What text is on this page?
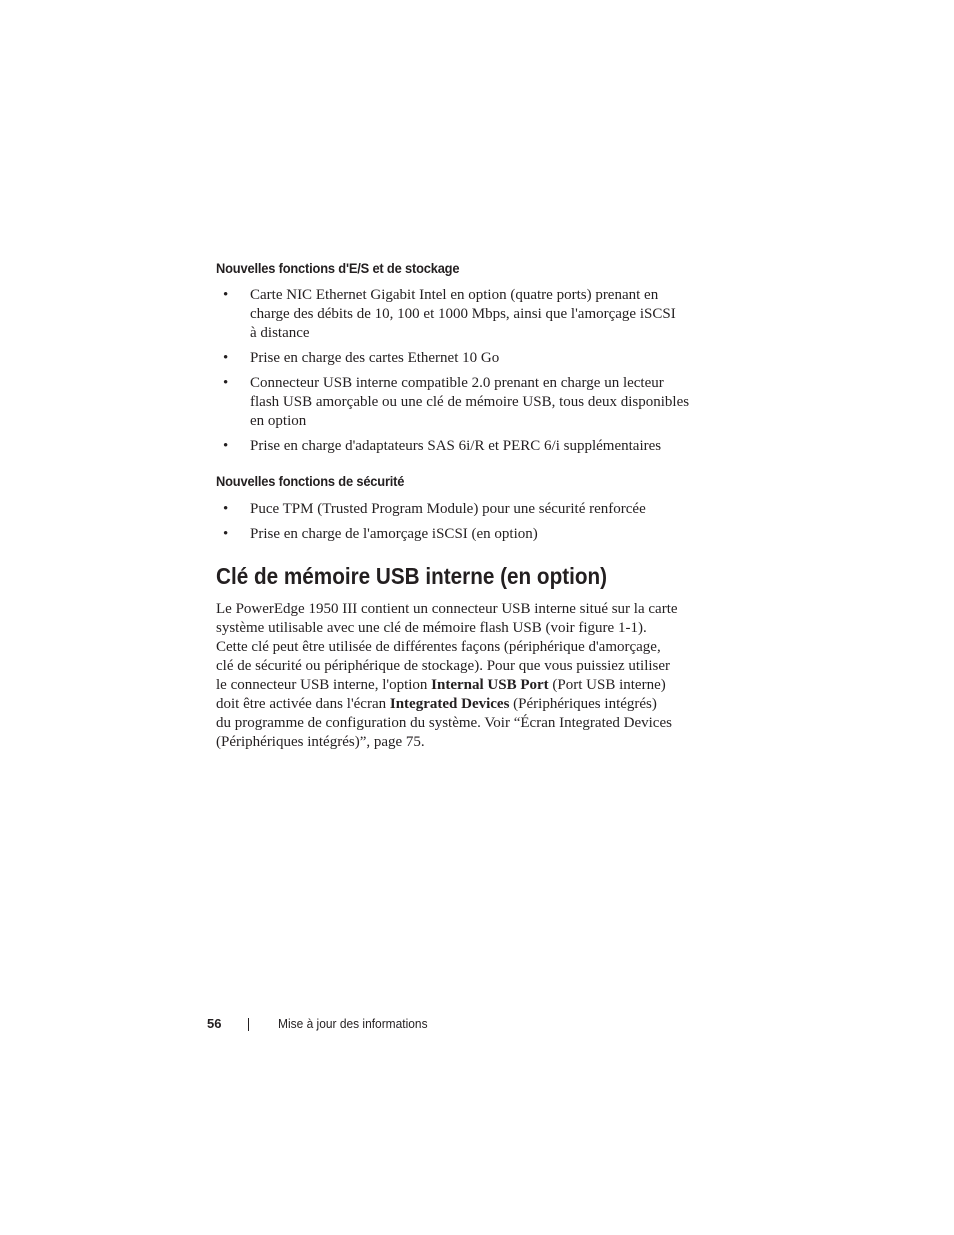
Nouvelles fonctions d'E/S et de stockage
• Carte NIC Ethernet Gigabit Intel en option (quatre ports) prenant en
charge des débits de 10, 100 et 1000 Mbps, ainsi que l'amorçage iSCSI
à distance
• Prise en charge des cartes Ethernet 10 Go
• Connecteur USB interne compatible 2.0 prenant en charge un lecteur
flash USB amorçable ou une clé de mémoire USB, tous deux disponibles
en option
• Prise en charge d'adaptateurs SAS 6i/R et PERC 6/i supplémentaires
Nouvelles fonctions de sécurité
• Puce TPM (Trusted Program Module) pour une sécurité renforcée
• Prise en charge de l'amorçage iSCSI (en option)
Clé de mémoire USB interne (en option)

Le PowerEdge 1950 III contient un connecteur USB interne situé sur la carte
système utilisable avec une clé de mémoire flash USB (voir figure 1-1).
Cette clé peut être utilisée de différentes façons (périphérique d'amorçage,
clé de sécurité ou périphérique de stockage). Pour que vous puissiez utiliser
le connecteur USB interne, l'option Internal USB Port (Port USB interne)
doit être activée dans l'écran Integrated Devices (Périphériques intégrés)
du programme de configuration du système. Voir “Écran Integrated Devices
(Périphériques intégrés)”, page 75.

56	Mise à jour des informations
